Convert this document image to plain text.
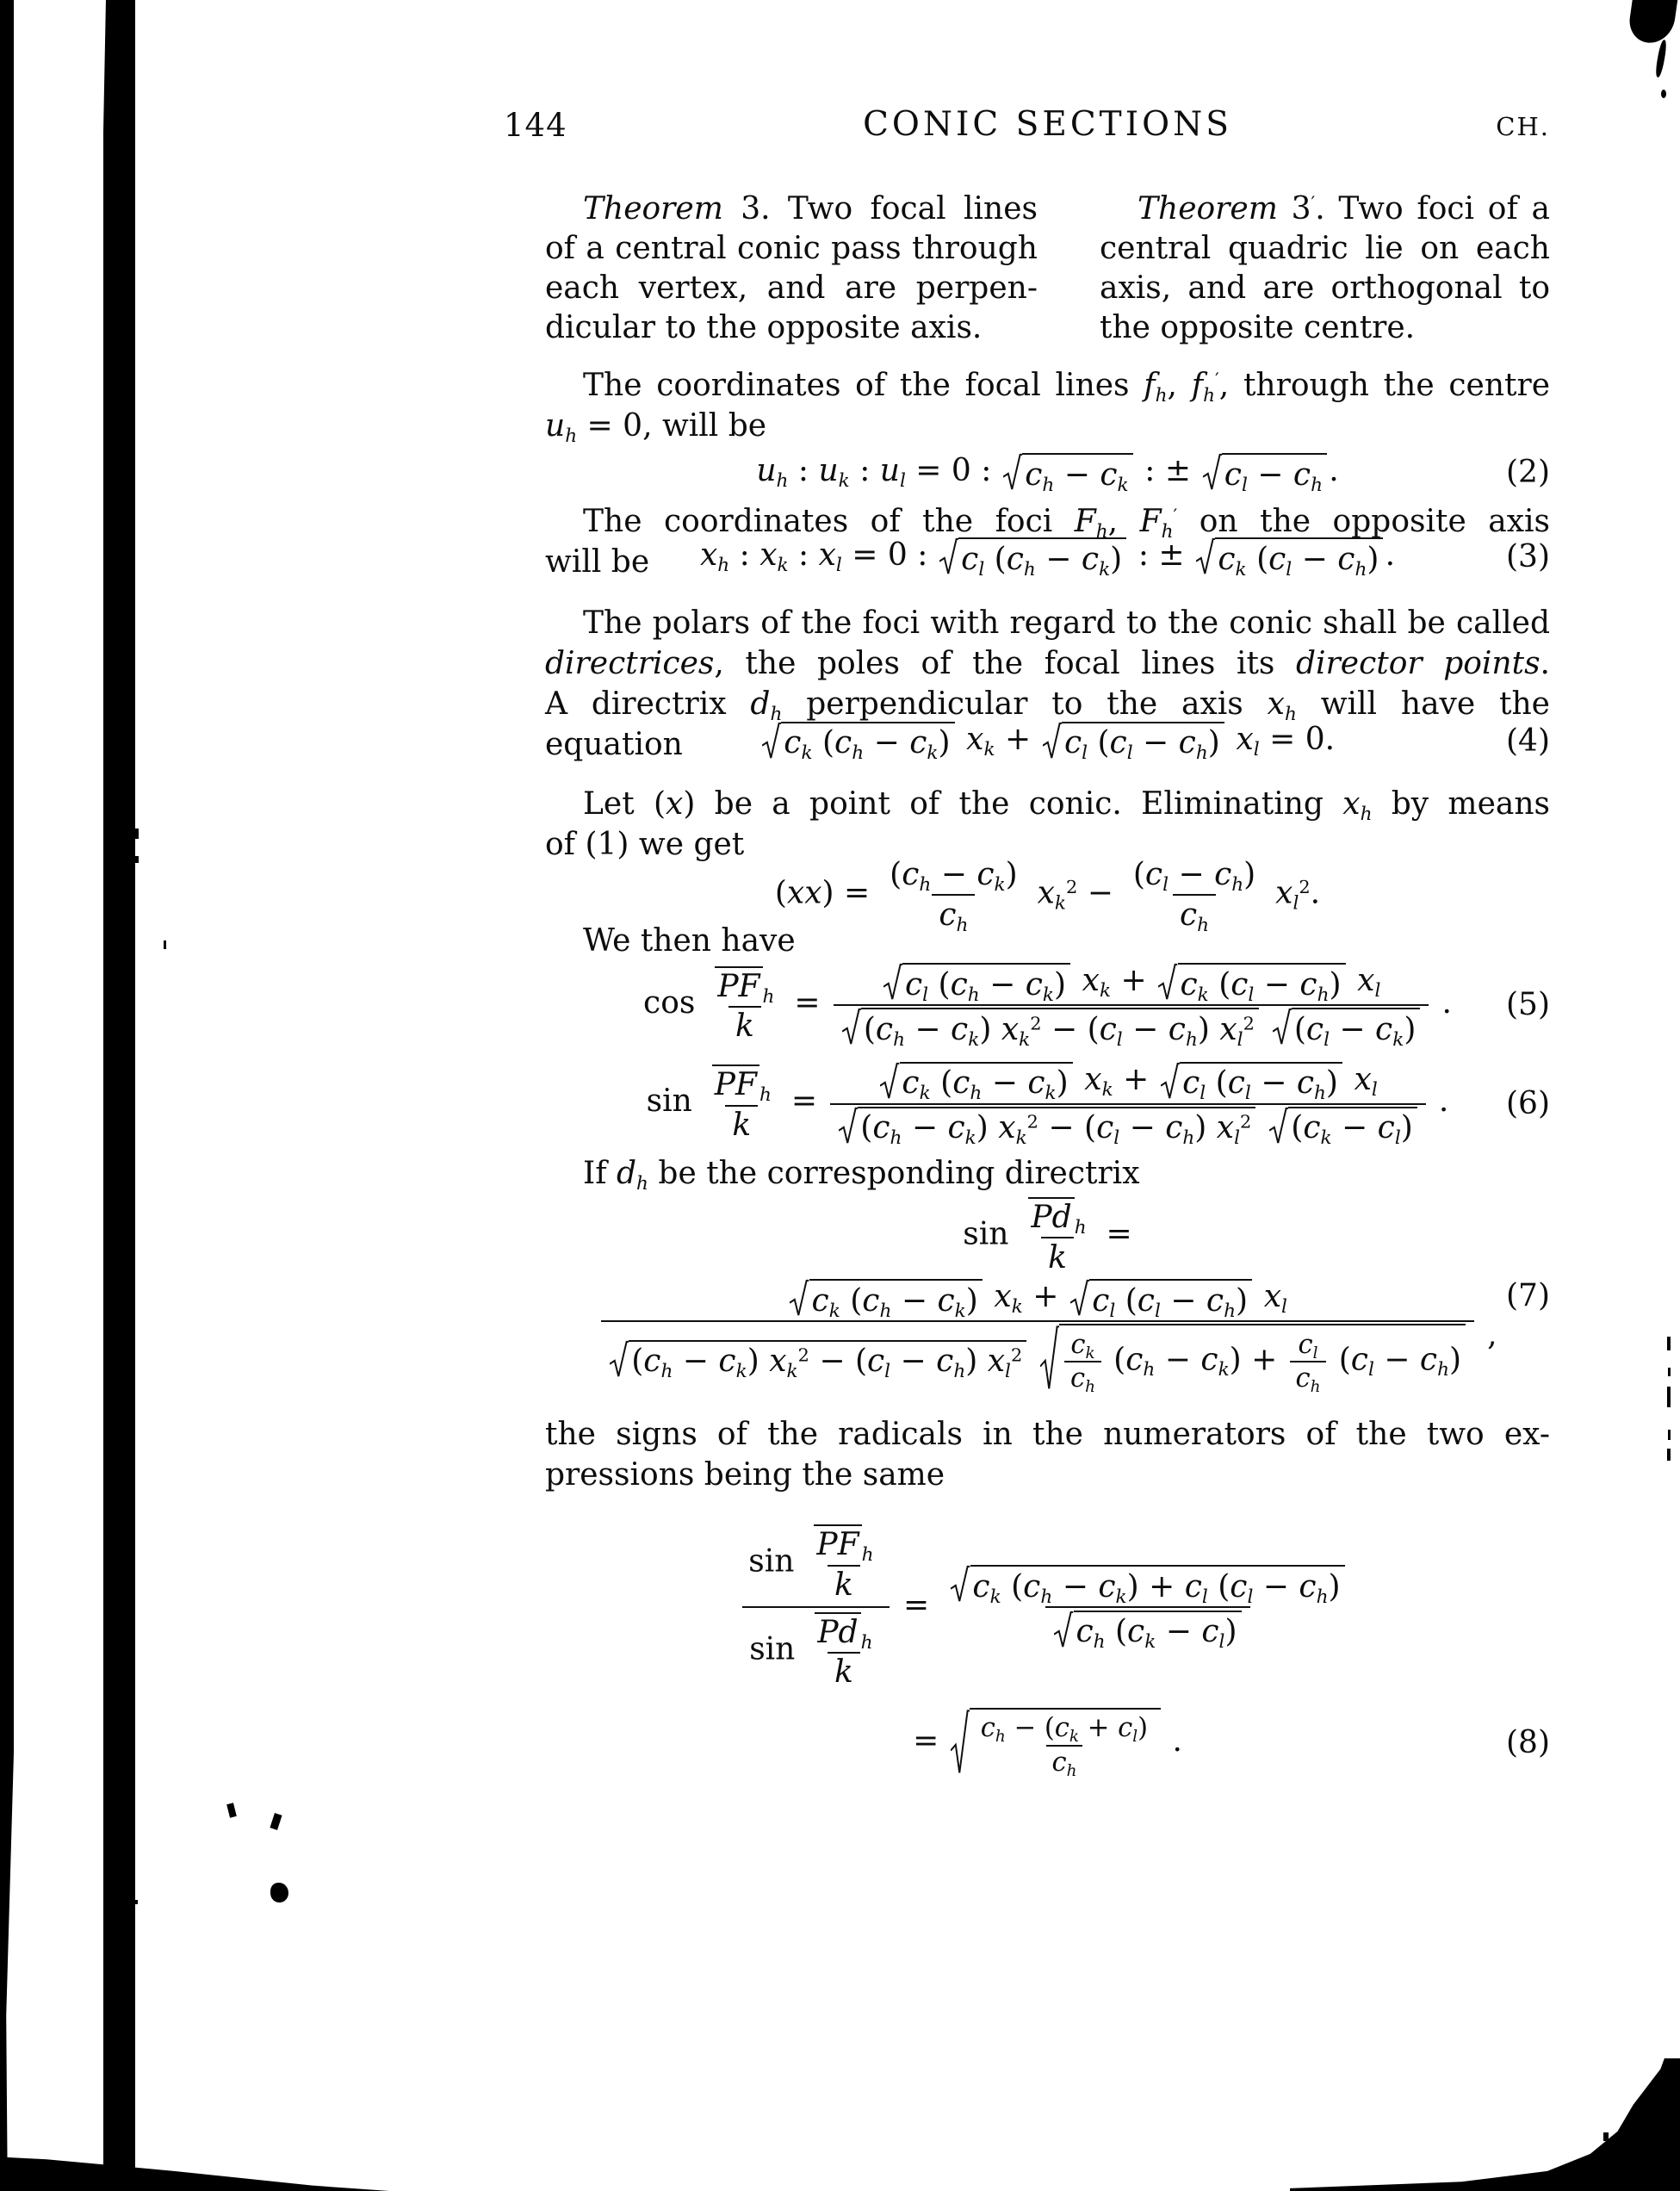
144	CONIC SECTIONS	CH.
Theorem 3. Two focal lines
of a central conic pass through
each vertex, and are perpen-
dicular to the opposite axis.
Theorem 3′. Two foci of a
central quadric lie on each
axis, and are orthogonal to
the opposite centre.
The coordinates of the focal lines $f_h$, $f_h'$, through the centre
$u_h = 0$, will be
$u_h$ : $u_k$ : $u_l = 0$ :
$c_h - c_k$ : ±
$c_l - c_h$ .	(2)
The coordinates of the foci $F_h$, $F_h'$ on the opposite axis
will be	$x_h$ : $x_k$ : $x_l = 0$ :
$c_l$ $(c_h - c_k)$ : ±
$c_k$ $(c_l - c_h)$ .	(3)
The polars of the foci with regard to the conic shall be called
directrices, the poles of the focal lines its director points.
A directrix $d_h$ perpendicular to the axis $x_h$ will have the
equation	$c_k$ $(c_h - c_k) x_k$ +
$c_l$ $(c_l - c_h) x_l = 0$.	(4)
Let (x) be a point of the conic. Eliminating $x_h$ by means
of (1) we get
$(xx) = \frac{(c_h - c_k)}{c_h} x_k^2 - \frac{(c_l - c_h)}{c_h} x_l^2$.
We then have
$\cos \frac{PF _h}{k} = c_l$ $(c_h - c_k) x_k$ +
$c_k$ $(c_l - c_h)$ $x_l$
$(c_h - c_k) x_k^2 - (c_l - c_h)$ $x_l^2$ $(c_l - c_k)$ . (5)
$\sin \frac{PF _h}{k} = c_k$ $(c_h - c_k) x_k$ +
$c_l$ $(c_l - c_h)$ $x_l$
$(c_h - c_k) x_k^2 - (c_l - c_h)$ $x_l^2$ $(c_k - c_l)$ . (6)
If $d_h$ be the corresponding directrix
$\sin \frac{Pd _h}{k}$ =
$c_k$ $(c_h - c_k) x_k$ +
$c_l$ $(c_l - c_h)$ $x_l$
$(c_h - c_k) x_k^2 - (c_l - c_h)$ $x_l^2 \frac{c_k}{c_h} (c_h - c_k) + \frac{c_l}{c_h} (c_l - c_h)$
,
(7)
the signs of the radicals in the numerators of the two ex-
pressions being the same
$\frac{\sin \frac{PF _h}{k}}{\sin \frac{Pd _h}{k}} = \frac{c_k (c_h - c_k) + c_l (c_l - c_h)}{c_h (c_k - c_l)}$
= $\frac{c_h - (c_k + c_l)}{c_h}$ .	(8)
